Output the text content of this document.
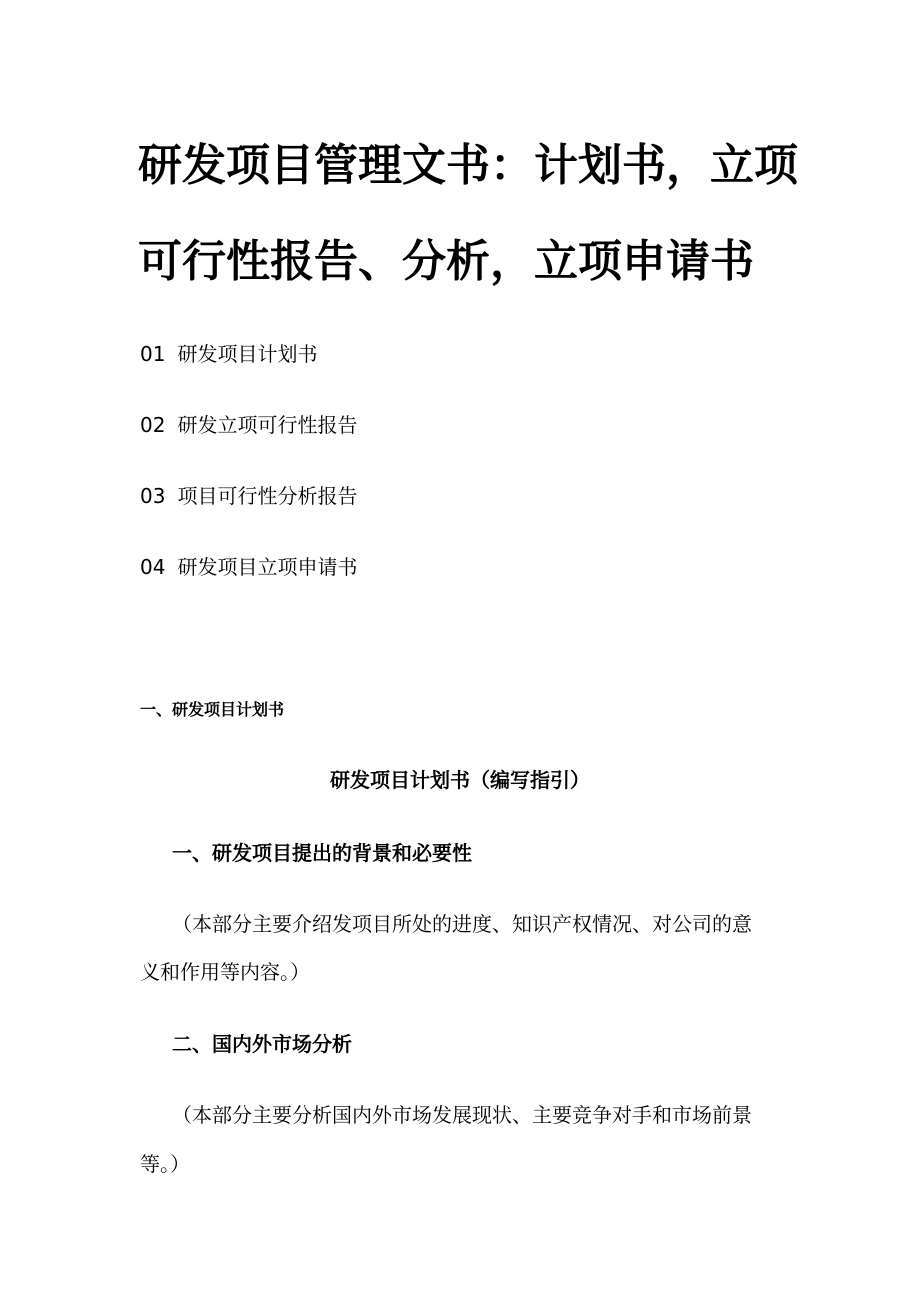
研发项目管理文书：计划书，立项
可行性报告、分析，立项申请书
01 研发项目计划书
02 研发立项可行性报告
03 项目可行性分析报告
04 研发项目立项申请书
一、研发项目计划书
研发项目计划书（编写指引）
一、研发项目提出的背景和必要性
（本部分主要介绍发项目所处的进度、知识产权情况、对公司的意
义和作用等内容。）
二、国内外市场分析
（本部分主要分析国内外市场发展现状、主要竞争对手和市场前景
等。）
